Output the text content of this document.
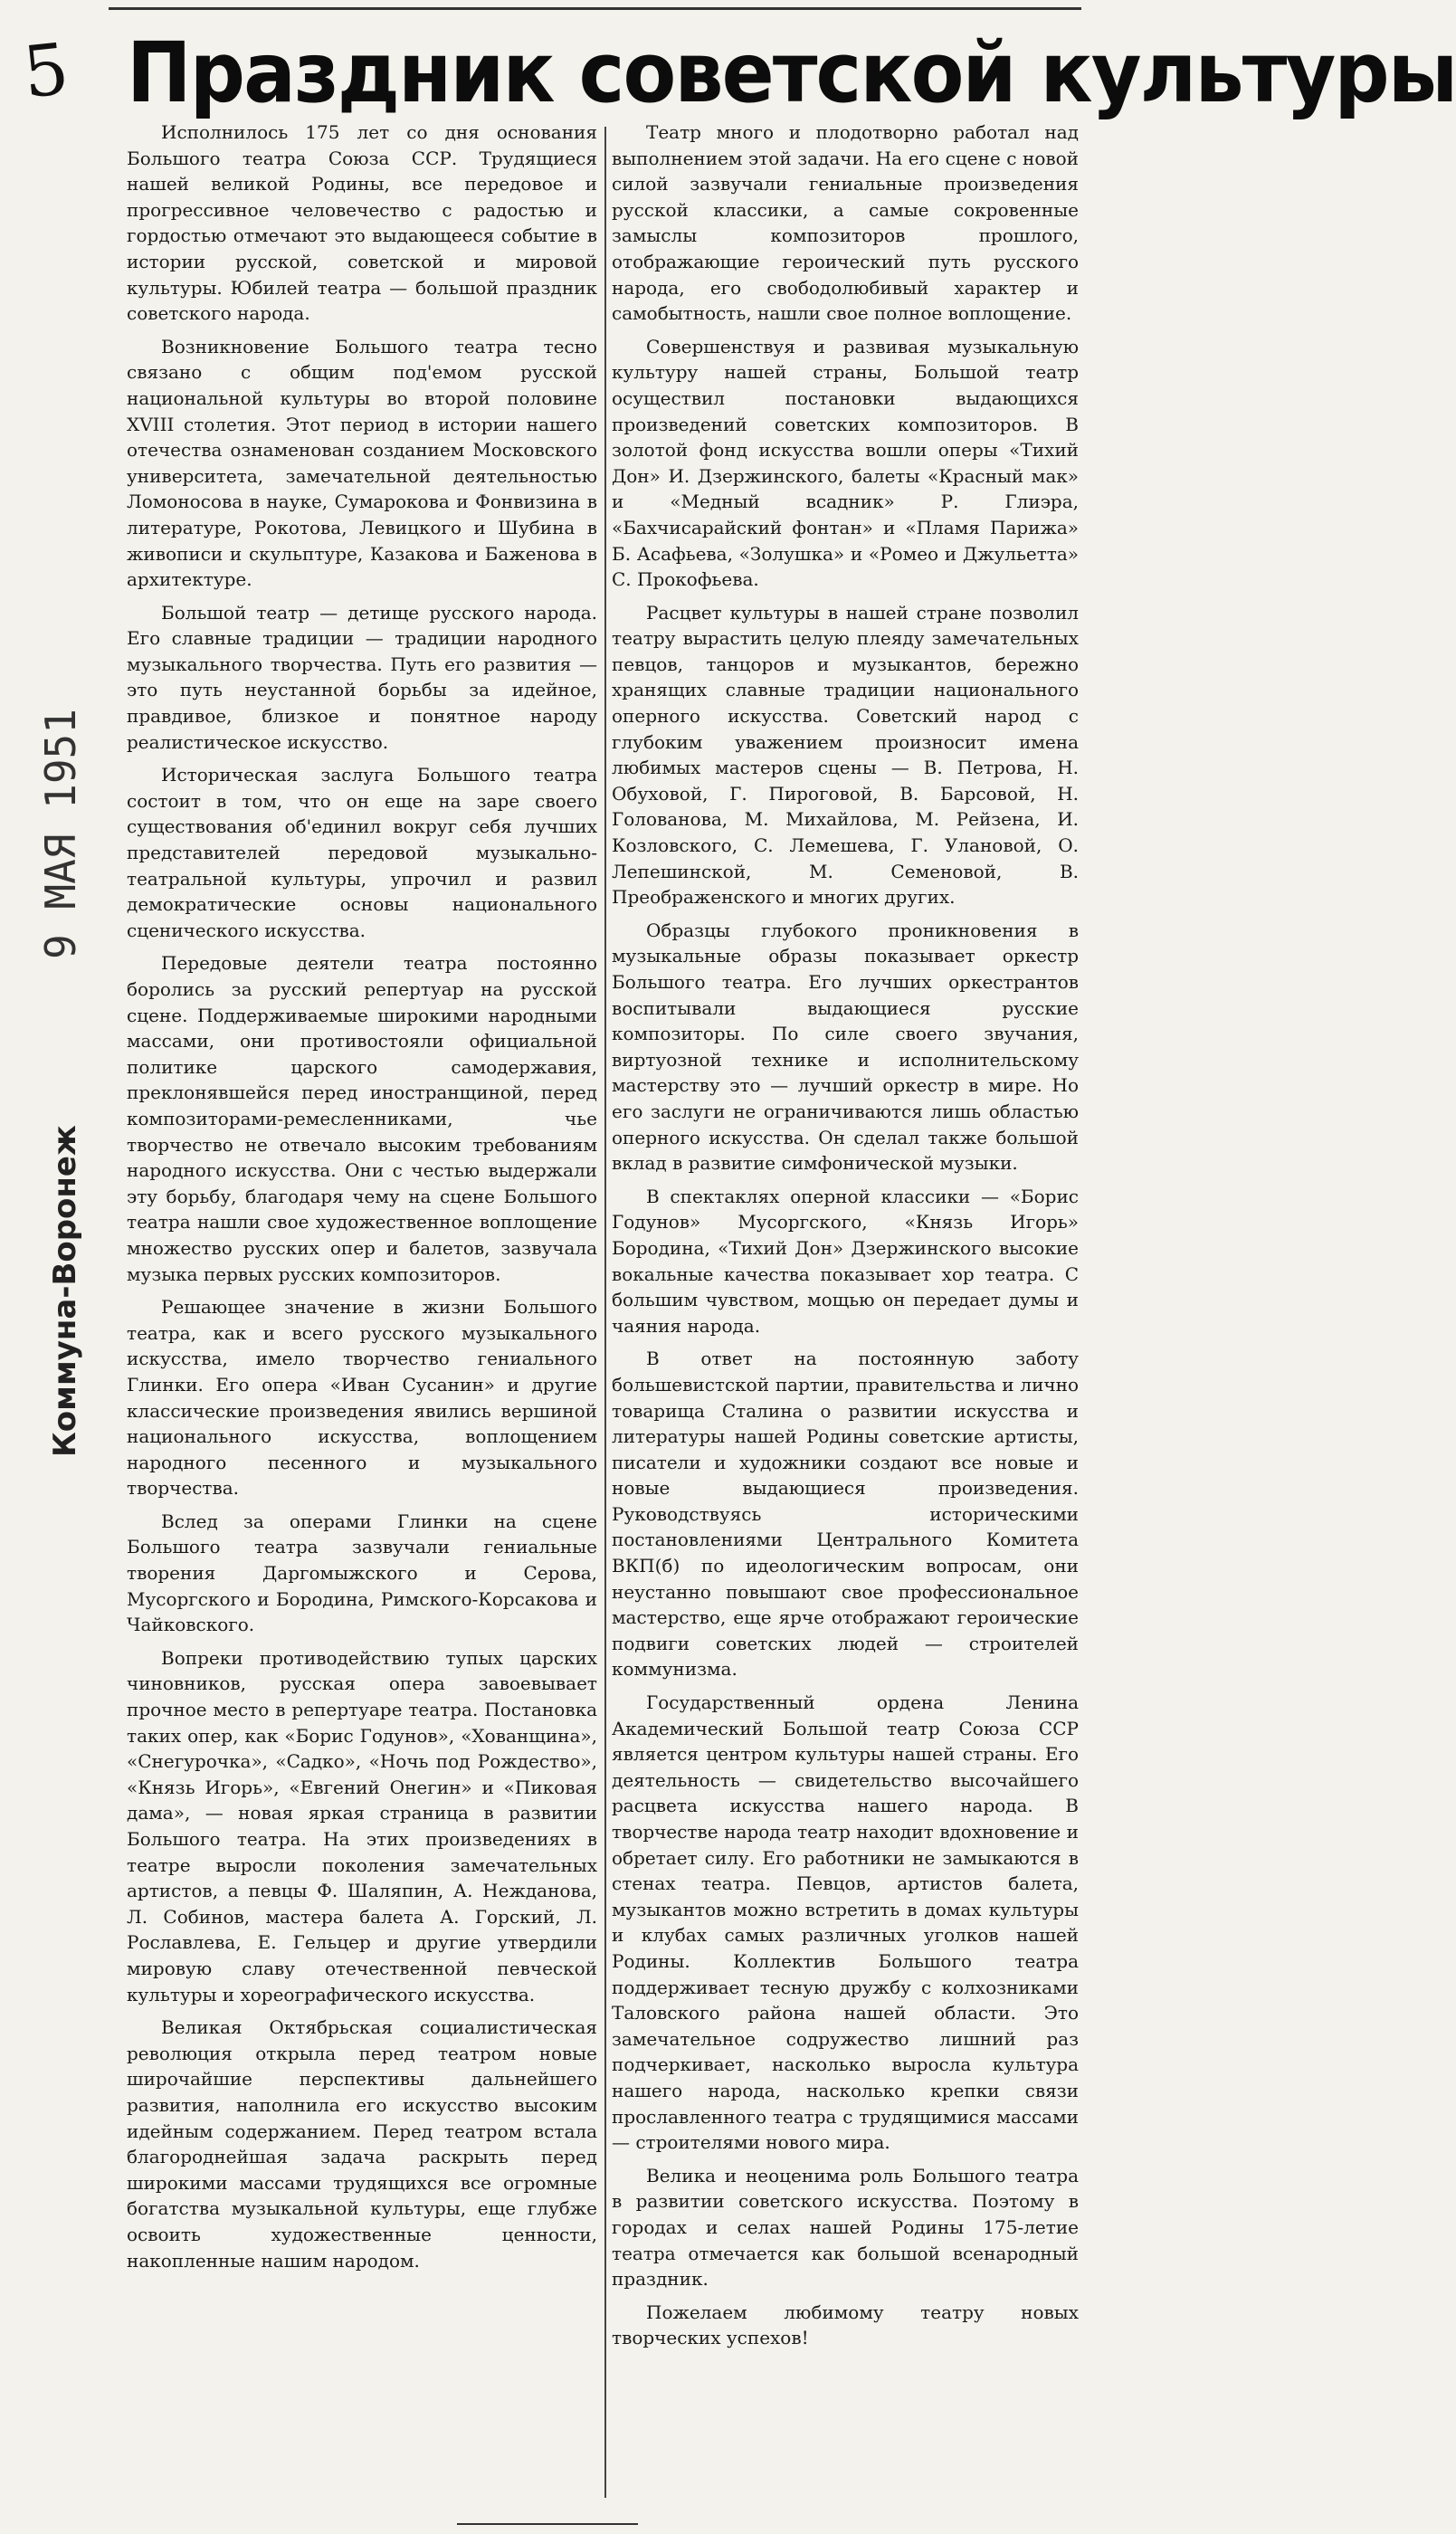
5 Праздник советской культуры
9 МАЯ 1951
Коммуна-Воронеж

Исполнилось 175 лет со дня основания Большого театра Союза ССР. Трудящиеся нашей великой Родины, все передовое и прогрессивное человечество с радостью и гордостью отмечают это выдающееся событие в истории русской, советской и мировой культуры. Юбилей театра — большой праздник советского народа.

Возникновение Большого театра тесно связано с общим под'емом русской национальной культуры во второй половине XVIII столетия. Этот период в истории нашего отечества ознаменован созданием Московского университета, замечательной деятельностью Ломоносова в науке, Сумарокова и Фонвизина в литературе, Рокотова, Левицкого и Шубина в живописи и скульптуре, Казакова и Баженова в архитектуре.

Большой театр — детище русского народа. Его славные традиции — традиции народного музыкального творчества. Путь его развития — это путь неустанной борьбы за идейное, правдивое, близкое и понятное народу реалистическое искусство.

Историческая заслуга Большого театра состоит в том, что он еще на заре своего существования об'единил вокруг себя лучших представителей передовой музыкально-театральной культуры, упрочил и развил демократические основы национального сценического искусства.

Передовые деятели театра постоянно боролись за русский репертуар на русской сцене. Поддерживаемые широкими народными массами, они противостояли официальной политике царского самодержавия, преклонявшейся перед иностранщиной, перед композиторами-ремесленниками, чье творчество не отвечало высоким требованиям народного искусства. Они с честью выдержали эту борьбу, благодаря чему на сцене Большого театра нашли свое художественное воплощение множество русских опер и балетов, зазвучала музыка первых русских композиторов.

Решающее значение в жизни Большого театра, как и всего русского музыкального искусства, имело творчество гениального Глинки. Его опера «Иван Сусанин» и другие классические произведения явились вершиной национального искусства, воплощением народного песенного и музыкального творчества.

Вслед за операми Глинки на сцене Большого театра зазвучали гениальные творения Даргомыжского и Серова, Мусоргского и Бородина, Римского-Корсакова и Чайковского.

Вопреки противодействию тупых царских чиновников, русская опера завоевывает прочное место в репертуаре театра. Постановка таких опер, как «Борис Годунов», «Хованщина», «Снегурочка», «Садко», «Ночь под Рождество», «Князь Игорь», «Евгений Онегин» и «Пиковая дама», — новая яркая страница в развитии Большого театра. На этих произведениях в театре выросли поколения замечательных артистов, а певцы Ф. Шаляпин, А. Нежданова, Л. Собинов, мастера балета А. Горский, Л. Рославлева, Е. Гельцер и другие утвердили мировую славу отечественной певческой культуры и хореографического искусства.

Великая Октябрьская социалистическая революция открыла перед театром новые широчайшие перспективы дальнейшего развития, наполнила его искусство высоким идейным содержанием. Перед театром встала благороднейшая задача раскрыть перед широкими массами трудящихся все огромные богатства музыкальной культуры, еще глубже освоить художественные ценности, накопленные нашим народом.

Театр много и плодотворно работал над выполнением этой задачи. На его сцене с новой силой зазвучали гениальные произведения русской классики, а самые сокровенные замыслы композиторов прошлого, отображающие героический путь русского народа, его свободолюбивый характер и самобытность, нашли свое полное воплощение.

Совершенствуя и развивая музыкальную культуру нашей страны, Большой театр осуществил постановки выдающихся произведений советских композиторов. В золотой фонд искусства вошли оперы «Тихий Дон» И. Дзержинского, балеты «Красный мак» и «Медный всадник» Р. Глиэра, «Бахчисарайский фонтан» и «Пламя Парижа» Б. Асафьева, «Золушка» и «Ромео и Джульетта» С. Прокофьева.

Расцвет культуры в нашей стране позволил театру вырастить целую плеяду замечательных певцов, танцоров и музыкантов, бережно хранящих славные традиции национального оперного искусства. Советский народ с глубоким уважением произносит имена любимых мастеров сцены — В. Петрова, Н. Обуховой, Г. Пироговой, В. Барсовой, Н. Голованова, М. Михайлова, М. Рейзена, И. Козловского, С. Лемешева, Г. Улановой, О. Лепешинской, М. Семеновой, В. Преображенского и многих других.

Образцы глубокого проникновения в музыкальные образы показывает оркестр Большого театра. Его лучших оркестрантов воспитывали выдающиеся русские композиторы. По силе своего звучания, виртуозной технике и исполнительскому мастерству это — лучший оркестр в мире. Но его заслуги не ограничиваются лишь областью оперного искусства. Он сделал также большой вклад в развитие симфонической музыки.

В спектаклях оперной классики — «Борис Годунов» Мусоргского, «Князь Игорь» Бородина, «Тихий Дон» Дзержинского высокие вокальные качества показывает хор театра. С большим чувством, мощью он передает думы и чаяния народа.

В ответ на постоянную заботу большевистской партии, правительства и лично товарища Сталина о развитии искусства и литературы нашей Родины советские артисты, писатели и художники создают все новые и новые выдающиеся произведения. Руководствуясь историческими постановлениями Центрального Комитета ВКП(б) по идеологическим вопросам, они неустанно повышают свое профессиональное мастерство, еще ярче отображают героические подвиги советских людей — строителей коммунизма.

Государственный ордена Ленина Академический Большой театр Союза ССР является центром культуры нашей страны. Его деятельность — свидетельство высочайшего расцвета искусства нашего народа. В творчестве народа театр находит вдохновение и обретает силу. Его работники не замыкаются в стенах театра. Певцов, артистов балета, музыкантов можно встретить в домах культуры и клубах самых различных уголков нашей Родины. Коллектив Большого театра поддерживает тесную дружбу с колхозниками Таловского района нашей области. Это замечательное содружество лишний раз подчеркивает, насколько выросла культура нашего народа, насколько крепки связи прославленного театра с трудящимися массами — строителями нового мира.

Велика и неоценима роль Большого театра в развитии советского искусства. Поэтому в городах и селах нашей Родины 175-летие театра отмечается как большой всенародный праздник.

Пожелаем любимому театру новых творческих успехов!
